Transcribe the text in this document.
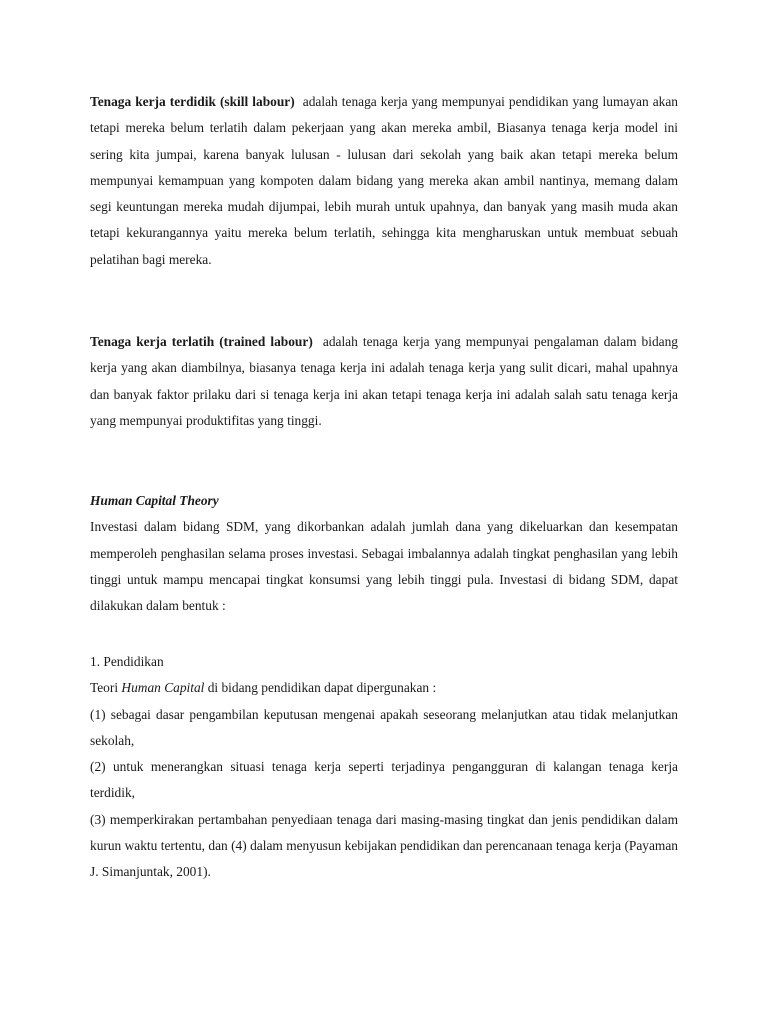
Tenaga kerja terdidik (skill labour)  adalah tenaga kerja yang mempunyai pendidikan yang lumayan akan tetapi mereka belum terlatih dalam pekerjaan yang akan mereka ambil, Biasanya tenaga kerja model ini sering kita jumpai, karena banyak lulusan - lulusan dari sekolah yang baik akan tetapi mereka belum mempunyai kemampuan yang kompoten dalam bidang yang mereka akan ambil nantinya, memang dalam segi keuntungan mereka mudah dijumpai, lebih murah untuk upahnya, dan banyak yang masih muda akan tetapi kekurangannya yaitu mereka belum terlatih, sehingga kita mengharuskan untuk membuat sebuah pelatihan bagi mereka.

Tenaga kerja terlatih (trained labour)  adalah tenaga kerja yang mempunyai pengalaman dalam bidang kerja yang akan diambilnya, biasanya tenaga kerja ini adalah tenaga kerja yang sulit dicari, mahal upahnya dan banyak faktor prilaku dari si tenaga kerja ini akan tetapi tenaga kerja ini adalah salah satu tenaga kerja yang mempunyai produktifitas yang tinggi.

Human Capital Theory

Investasi dalam bidang SDM, yang dikorbankan adalah jumlah dana yang dikeluarkan dan kesempatan memperoleh penghasilan selama proses investasi. Sebagai imbalannya adalah tingkat penghasilan yang lebih tinggi untuk mampu mencapai tingkat konsumsi yang lebih tinggi pula. Investasi di bidang SDM, dapat dilakukan dalam bentuk :

1. Pendidikan

Teori Human Capital di bidang pendidikan dapat dipergunakan :

(1) sebagai dasar pengambilan keputusan mengenai apakah seseorang melanjutkan atau tidak melanjutkan sekolah,

(2) untuk menerangkan situasi tenaga kerja seperti terjadinya pengangguran di kalangan tenaga kerja terdidik,

(3) memperkirakan pertambahan penyediaan tenaga dari masing-masing tingkat dan jenis pendidikan dalam kurun waktu tertentu, dan (4) dalam menyusun kebijakan pendidikan dan perencanaan tenaga kerja (Payaman J. Simanjuntak, 2001).
